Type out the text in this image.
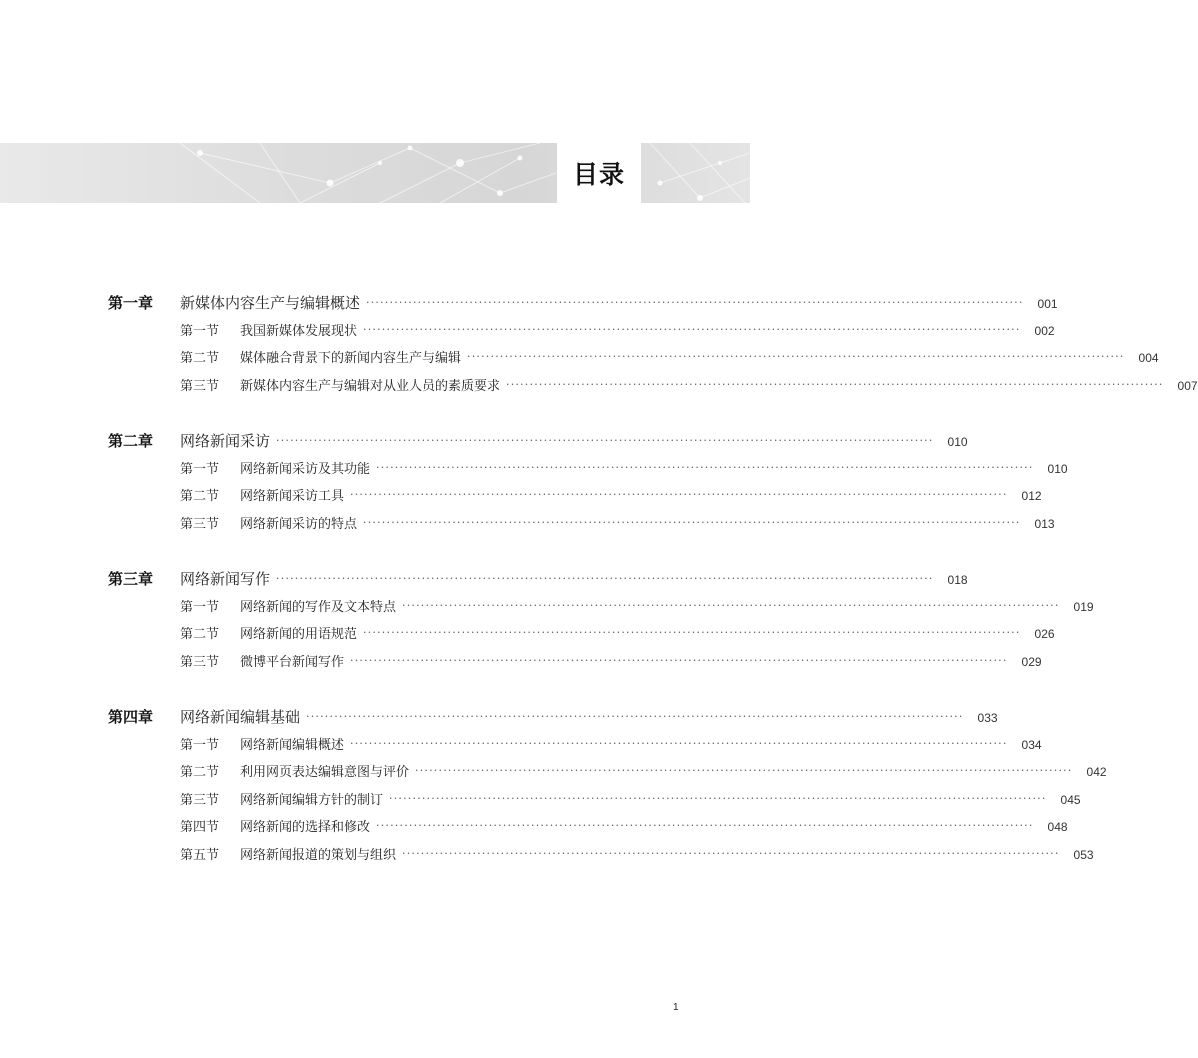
目录
第一章	新媒体内容生产与编辑概述 ············································································································································	001
第一节	我国新媒体发展现状 ············································································································································	002
第二节	媒体融合背景下的新闻内容生产与编辑 ············································································································································	004
第三节	新媒体内容生产与编辑对从业人员的素质要求 ············································································································································	007
第二章	网络新闻采访 ············································································································································	010
第一节	网络新闻采访及其功能 ············································································································································	010
第二节	网络新闻采访工具 ············································································································································	012
第三节	网络新闻采访的特点 ············································································································································	013
第三章	网络新闻写作 ············································································································································	018
第一节	网络新闻的写作及文本特点 ············································································································································	019
第二节	网络新闻的用语规范 ············································································································································	026
第三节	微博平台新闻写作 ············································································································································	029
第四章	网络新闻编辑基础 ············································································································································	033
第一节	网络新闻编辑概述 ············································································································································	034
第二节	利用网页表达编辑意图与评价 ············································································································································	042
第三节	网络新闻编辑方针的制订 ············································································································································	045
第四节	网络新闻的选择和修改 ············································································································································	048
第五节	网络新闻报道的策划与组织 ············································································································································	053
1
